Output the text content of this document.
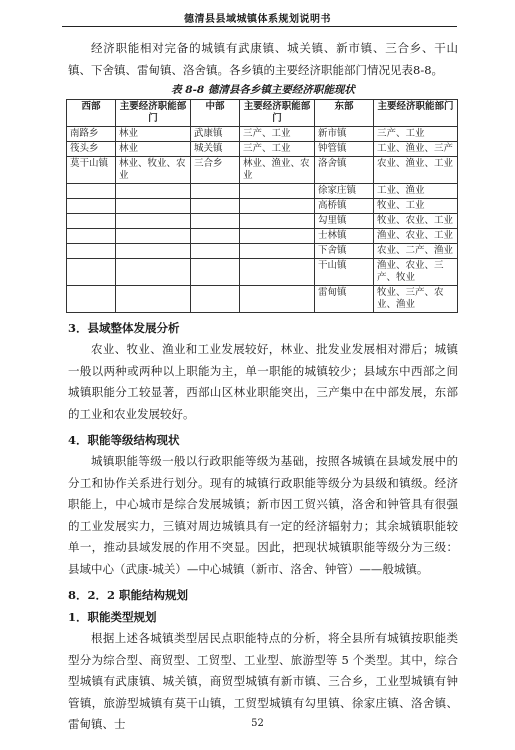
德清县县域城镇体系规划说明书

经济职能相对完备的城镇有武康镇、城关镇、新市镇、三合乡、干山镇、下舍镇、雷甸镇、洛舍镇。各乡镇的主要经济职能部门情况见表8-8。

表 8-8 德清县各乡镇主要经济职能现状
西部	主要经济职能部门	中部	主要经济职能部门	东部	主要经济职能部门
南路乡	林业	武康镇	三产、工业	新市镇	三产、工业
筏头乡	林业	城关镇	三产、工业	钟管镇	工业、渔业、三产
莫干山镇	林业、牧业、农业	三合乡	林业、渔业、农业	洛舍镇	农业、渔业、工业
				徐家庄镇	工业、渔业
				高桥镇	牧业、工业
				勾里镇	牧业、农业、工业
				士林镇	渔业、农业、工业
				下舍镇	农业、二产、渔业
				干山镇	渔业、农业、三产、牧业
				雷甸镇	牧业、三产、农业、渔业
3．县域整体发展分析

农业、牧业、渔业和工业发展较好，林业、批发业发展相对滞后；城镇一般以两种或两种以上职能为主，单一职能的城镇较少；县域东中西部之间城镇职能分工较显著，西部山区林业职能突出，三产集中在中部发展，东部的工业和农业发展较好。

4．职能等级结构现状

城镇职能等级一般以行政职能等级为基础，按照各城镇在县域发展中的分工和协作关系进行划分。现有的城镇行政职能等级分为县级和镇级。经济职能上，中心城市是综合发展城镇；新市因工贸兴镇，洛舍和钟管具有很强的工业发展实力，三镇对周边城镇具有一定的经济辐射力；其余城镇职能较单一，推动县域发展的作用不突显。因此，把现状城镇职能等级分为三级：县域中心（武康-城关）—中心城镇（新市、洛舍、钟管）——般城镇。

8．2．2 职能结构规划
1．职能类型规划

根据上述各城镇类型居民点职能特点的分析，将全县所有城镇按职能类型分为综合型、商贸型、工贸型、工业型、旅游型等 5 个类型。其中，综合型城镇有武康镇、城关镇，商贸型城镇有新市镇、三合乡，工业型城镇有钟管镇，旅游型城镇有莫干山镇，工贸型城镇有勾里镇、徐家庄镇、洛舍镇、雷甸镇、士	52
